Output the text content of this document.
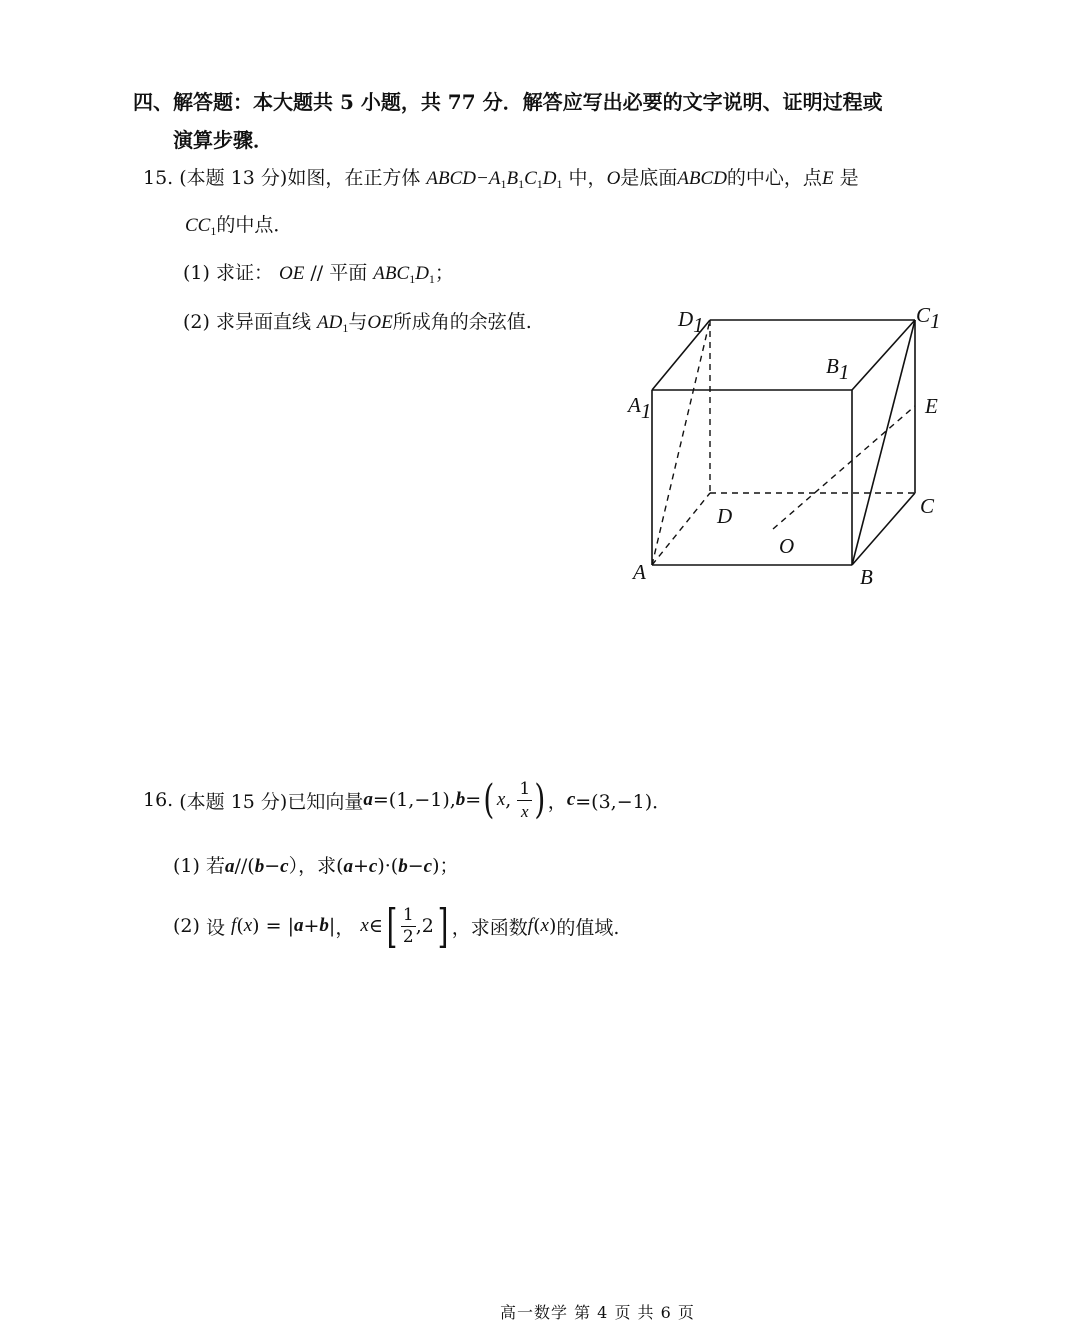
四、解答题：本大题共 5 小题，共 77 分．解答应写出必要的文字说明、证明过程或
演算步骤．
15. (本题 13 分)如图，在正方体 $ABCD-A_1B_1C_1D_1$ 中，O是底面ABCD的中心，点E 是
$CC_1$的中点．
(1) 求证： OE // 平面 $ABC_1D_1$；
(2) 求异面直线 $AD_1$与OE所成角的余弦值.	D1	C1
B1
A1	E
C
D
O
A	B
16.
(本题 15 分) 已知向量 a =(1,−1), b = ( x , $\frac{1}{x}$ ) ， c =(3,−1)．
(1) 若a//(b−c），求(a+c)·(b−c)；
(2)
设
f ( x ) = | a + b | ，
x ∈ [ $\frac{1}{2} ,2$ ] ，求函数 f ( x ) 的值域.
高一数学 第 4 页 共 6 页
